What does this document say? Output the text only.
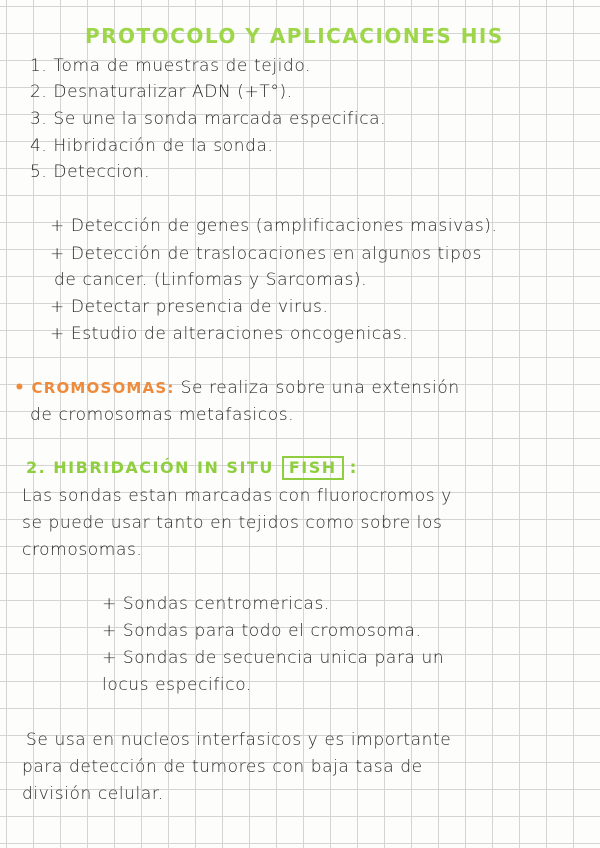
PROTOCOLO Y APLICACIONES HIS
1. Toma de muestras de tejido.
2. Desnaturalizar ADN (+T°).
3. Se une la sonda marcada especifica.
4. Hibridación de la sonda.
5. Deteccion.
+ Detección de genes (amplificaciones masivas).
+ Detección de traslocaciones en algunos tipos
de cancer. (Linfomas y Sarcomas).
+ Detectar presencia de virus.
+ Estudio de alteraciones oncogenicas.
• CROMOSOMAS: Se realiza sobre una extensión
de cromosomas metafasicos.
2. HIBRIDACIÓN IN SITU FISH :
Las sondas estan marcadas con fluorocromos y
se puede usar tanto en tejidos como sobre los
cromosomas.
+ Sondas centromericas.
+ Sondas para todo el cromosoma.
+ Sondas de secuencia unica para un
locus especifico.
Se usa en nucleos interfasicos y es importante
para detección de tumores con baja tasa de
división celular.
